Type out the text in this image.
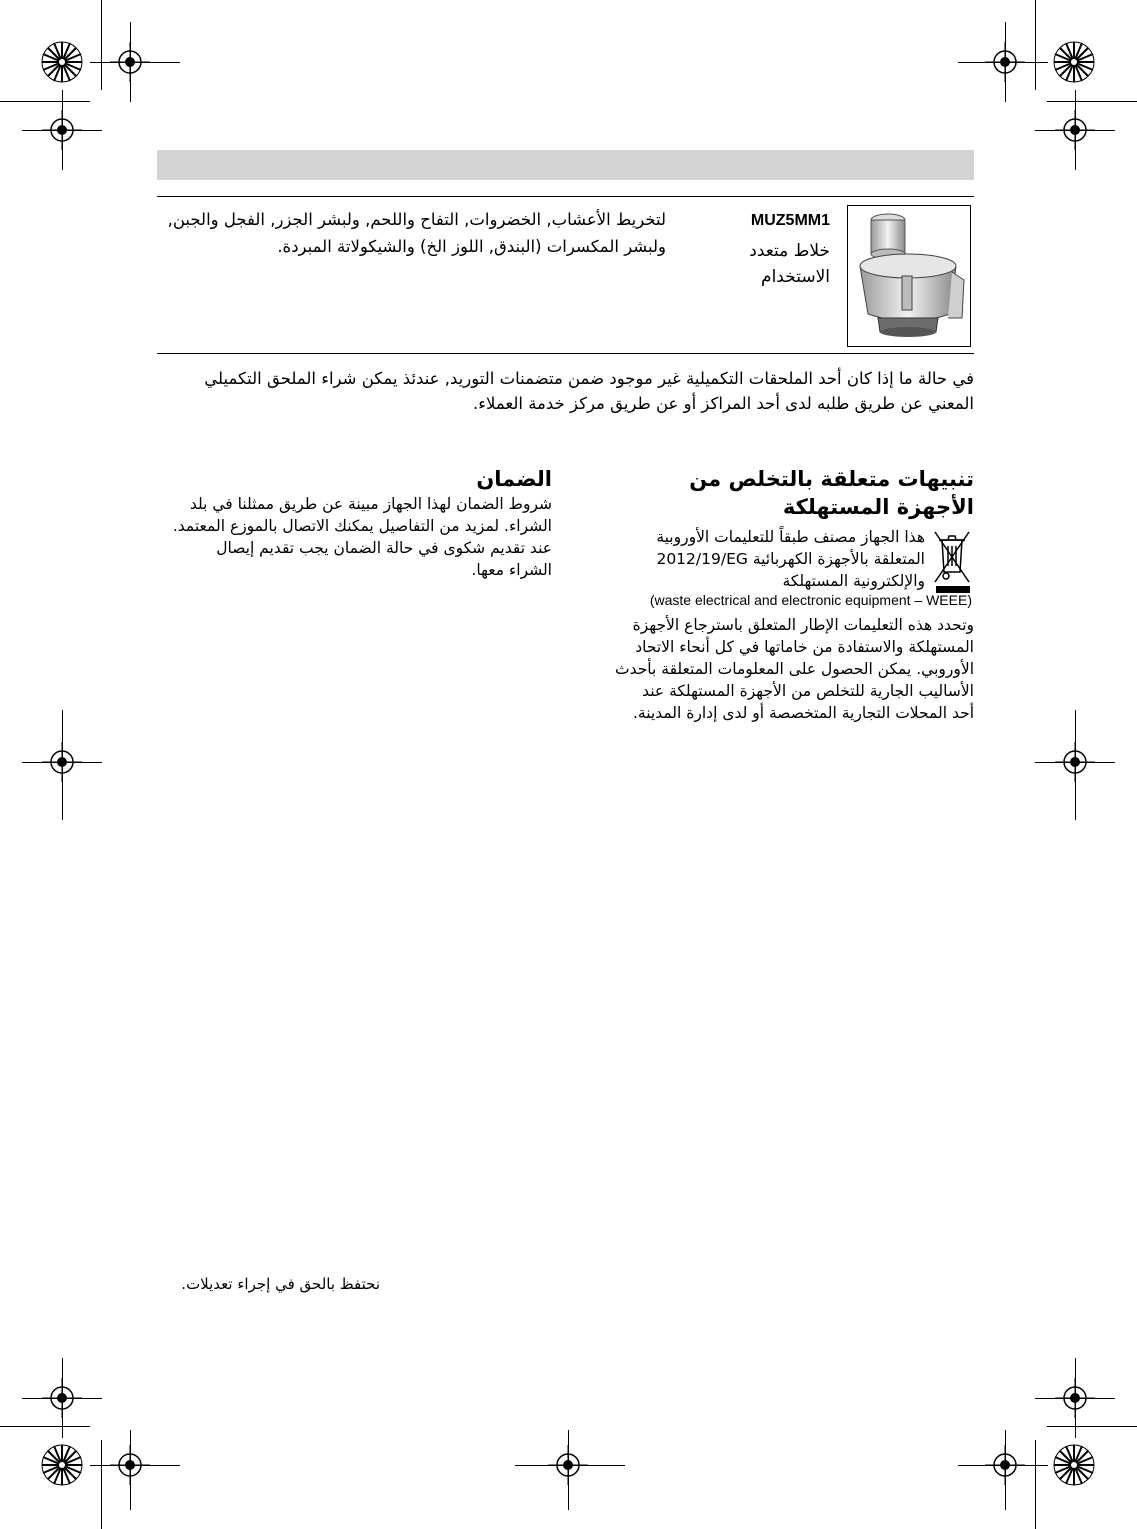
MUZ5MM1
خلاط متعدد
الاستخدام
لتخريط الأعشاب, الخضروات, التفاح واللحم, ولبشر الجزر, الفجل والجبن,
ولبشر المكسرات (البندق, اللوز الخ) والشيكولاتة المبردة.
في حالة ما إذا كان أحد الملحقات التكميلية غير موجود ضمن متضمنات التوريد, عندئذ يمكن شراء الملحق التكميلي
المعني عن طريق طلبه لدى أحد المراكز أو عن طريق مركز خدمة العملاء.
تنبيهات متعلقة بالتخلص من
الأجهزة المستهلكة
هذا الجهاز مصنف طبقاً للتعليمات الأوروبية
2012/19/EG المتعلقة بالأجهزة الكهربائية
والإلكترونية المستهلكة
(waste electrical and electronic equipment – WEEE)
وتحدد هذه التعليمات الإطار المتعلق باسترجاع الأجهزة
المستهلكة والاستفادة من خاماتها في كل أنحاء الاتحاد
الأوروبي. يمكن الحصول على المعلومات المتعلقة بأحدث
الأساليب الجارية للتخلص من الأجهزة المستهلكة عند
أحد المحلات التجارية المتخصصة أو لدى إدارة المدينة.
الضمان
شروط الضمان لهذا الجهاز مبينة عن طريق ممثلنا في بلد
الشراء. لمزيد من التفاصيل يمكنك الاتصال بالموزع المعتمد.
عند تقديم شكوى في حالة الضمان يجب تقديم إيصال
الشراء معها.
نحتفظ بالحق في إجراء تعديلات.
